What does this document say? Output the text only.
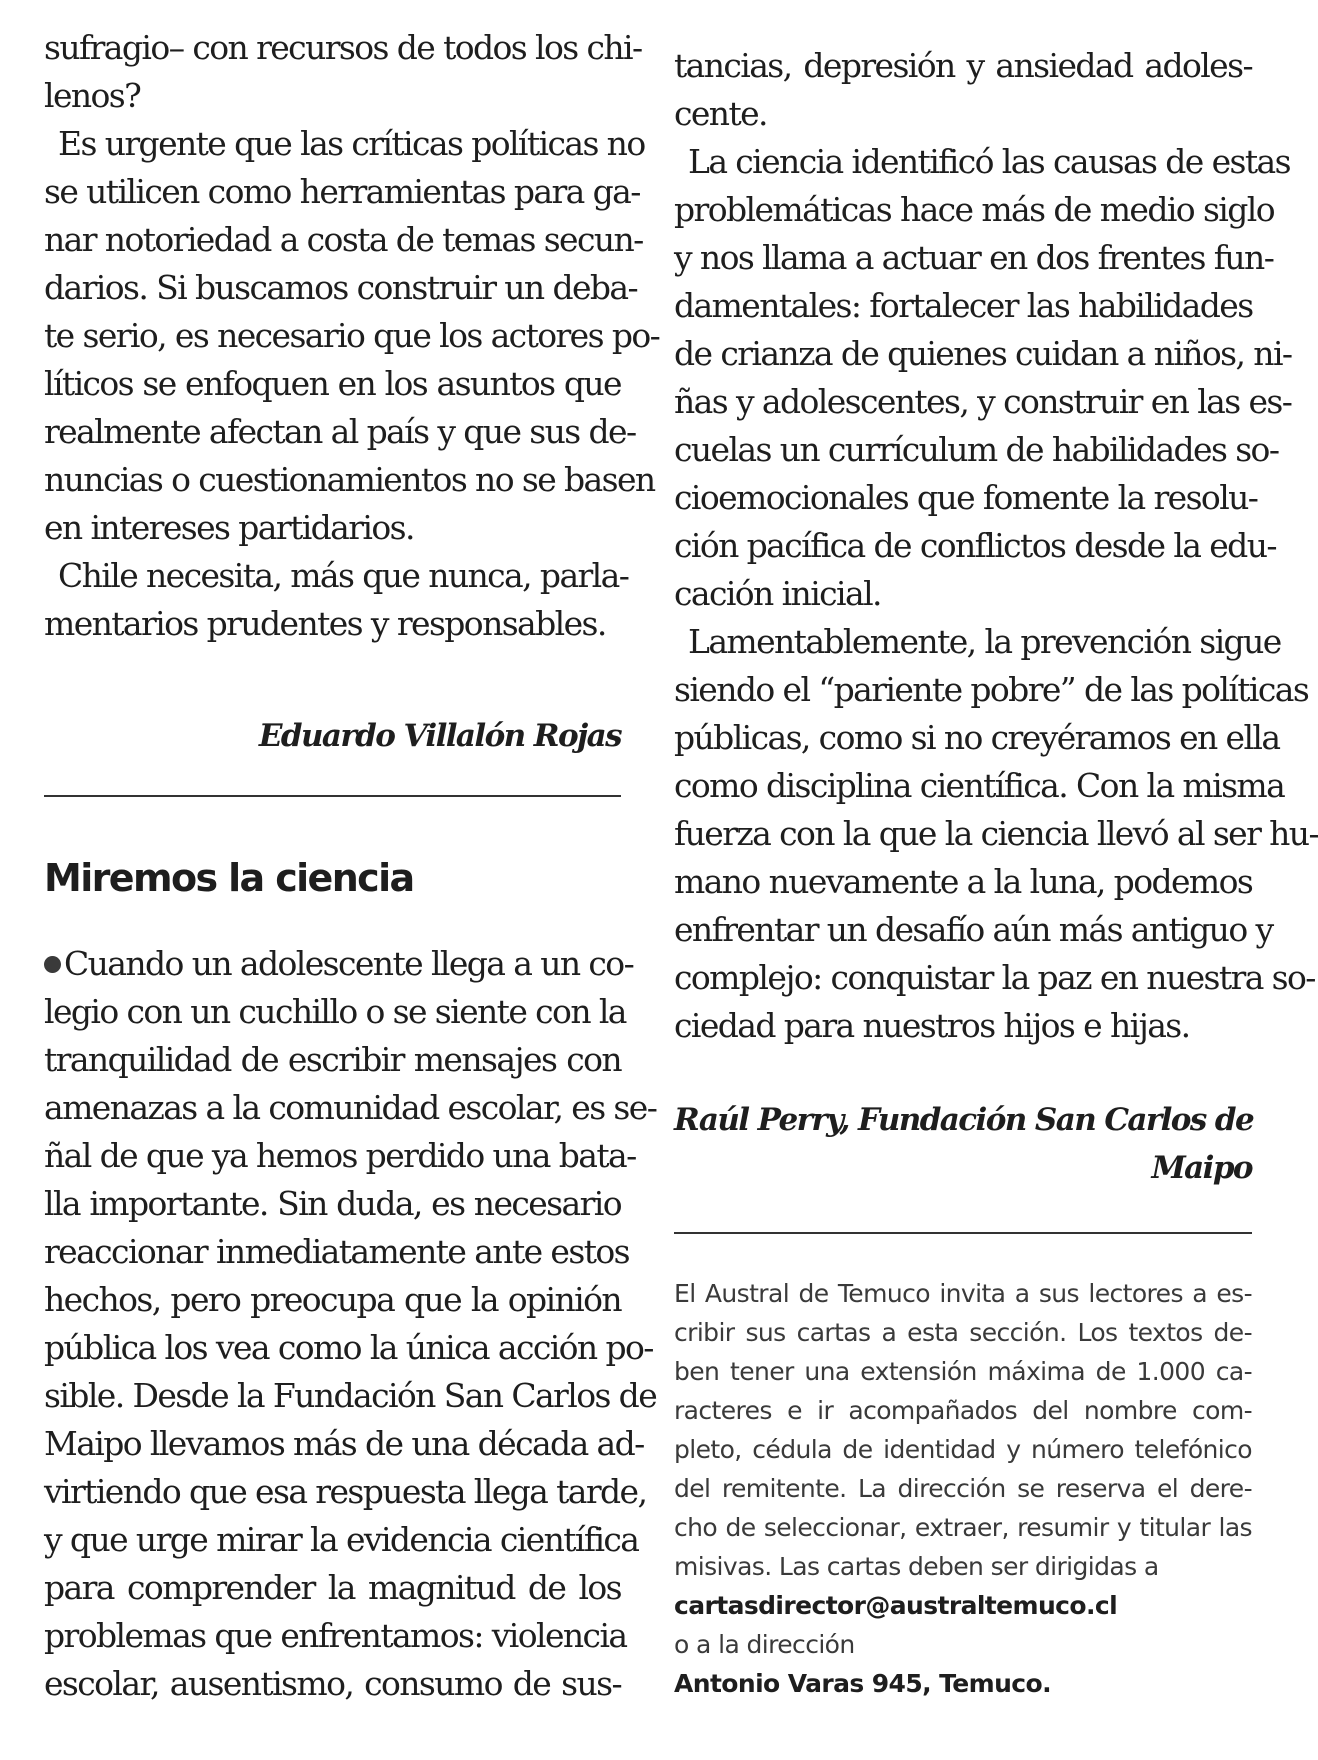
sufragio– con recursos de todos los chi-
lenos?
Es urgente que las críticas políticas no
se utilicen como herramientas para ga-
nar notoriedad a costa de temas secun-
darios. Si buscamos construir un deba-
te serio, es necesario que los actores po-
líticos se enfoquen en los asuntos que
realmente afectan al país y que sus de-
nuncias o cuestionamientos no se basen
en intereses partidarios.
Chile necesita, más que nunca, parla-
mentarios prudentes y responsables.
Eduardo Villalón Rojas
Miremos la ciencia
Cuando un adolescente llega a un co-
legio con un cuchillo o se siente con la
tranquilidad de escribir mensajes con
amenazas a la comunidad escolar, es se-
ñal de que ya hemos perdido una bata-
lla importante. Sin duda, es necesario
reaccionar inmediatamente ante estos
hechos, pero preocupa que la opinión
pública los vea como la única acción po-
sible. Desde la Fundación San Carlos de
Maipo llevamos más de una década ad-
virtiendo que esa respuesta llega tarde,
y que urge mirar la evidencia científica
para comprender la magnitud de los
problemas que enfrentamos: violencia
escolar, ausentismo, consumo de sus-
tancias, depresión y ansiedad adoles-
cente.
La ciencia identificó las causas de estas
problemáticas hace más de medio siglo
y nos llama a actuar en dos frentes fun-
damentales: fortalecer las habilidades
de crianza de quienes cuidan a niños, ni-
ñas y adolescentes, y construir en las es-
cuelas un currículum de habilidades so-
cioemocionales que fomente la resolu-
ción pacífica de conflictos desde la edu-
cación inicial.
Lamentablemente, la prevención sigue
siendo el “pariente pobre” de las políticas
públicas, como si no creyéramos en ella
como disciplina científica. Con la misma
fuerza con la que la ciencia llevó al ser hu-
mano nuevamente a la luna, podemos
enfrentar un desafío aún más antiguo y
complejo: conquistar la paz en nuestra so-
ciedad para nuestros hijos e hijas.
Raúl Perry, Fundación San Carlos de
Maipo
El Austral de Temuco invita a sus lectores a es-
cribir sus cartas a esta sección. Los textos de-
ben tener una extensión máxima de 1.000 ca-
racteres e ir acompañados del nombre com-
pleto, cédula de identidad y número telefónico
del remitente. La dirección se reserva el dere-
cho de seleccionar, extraer, resumir y titular las
misivas. Las cartas deben ser dirigidas a
cartasdirector@australtemuco.cl
o a la dirección
Antonio Varas 945, Temuco.
